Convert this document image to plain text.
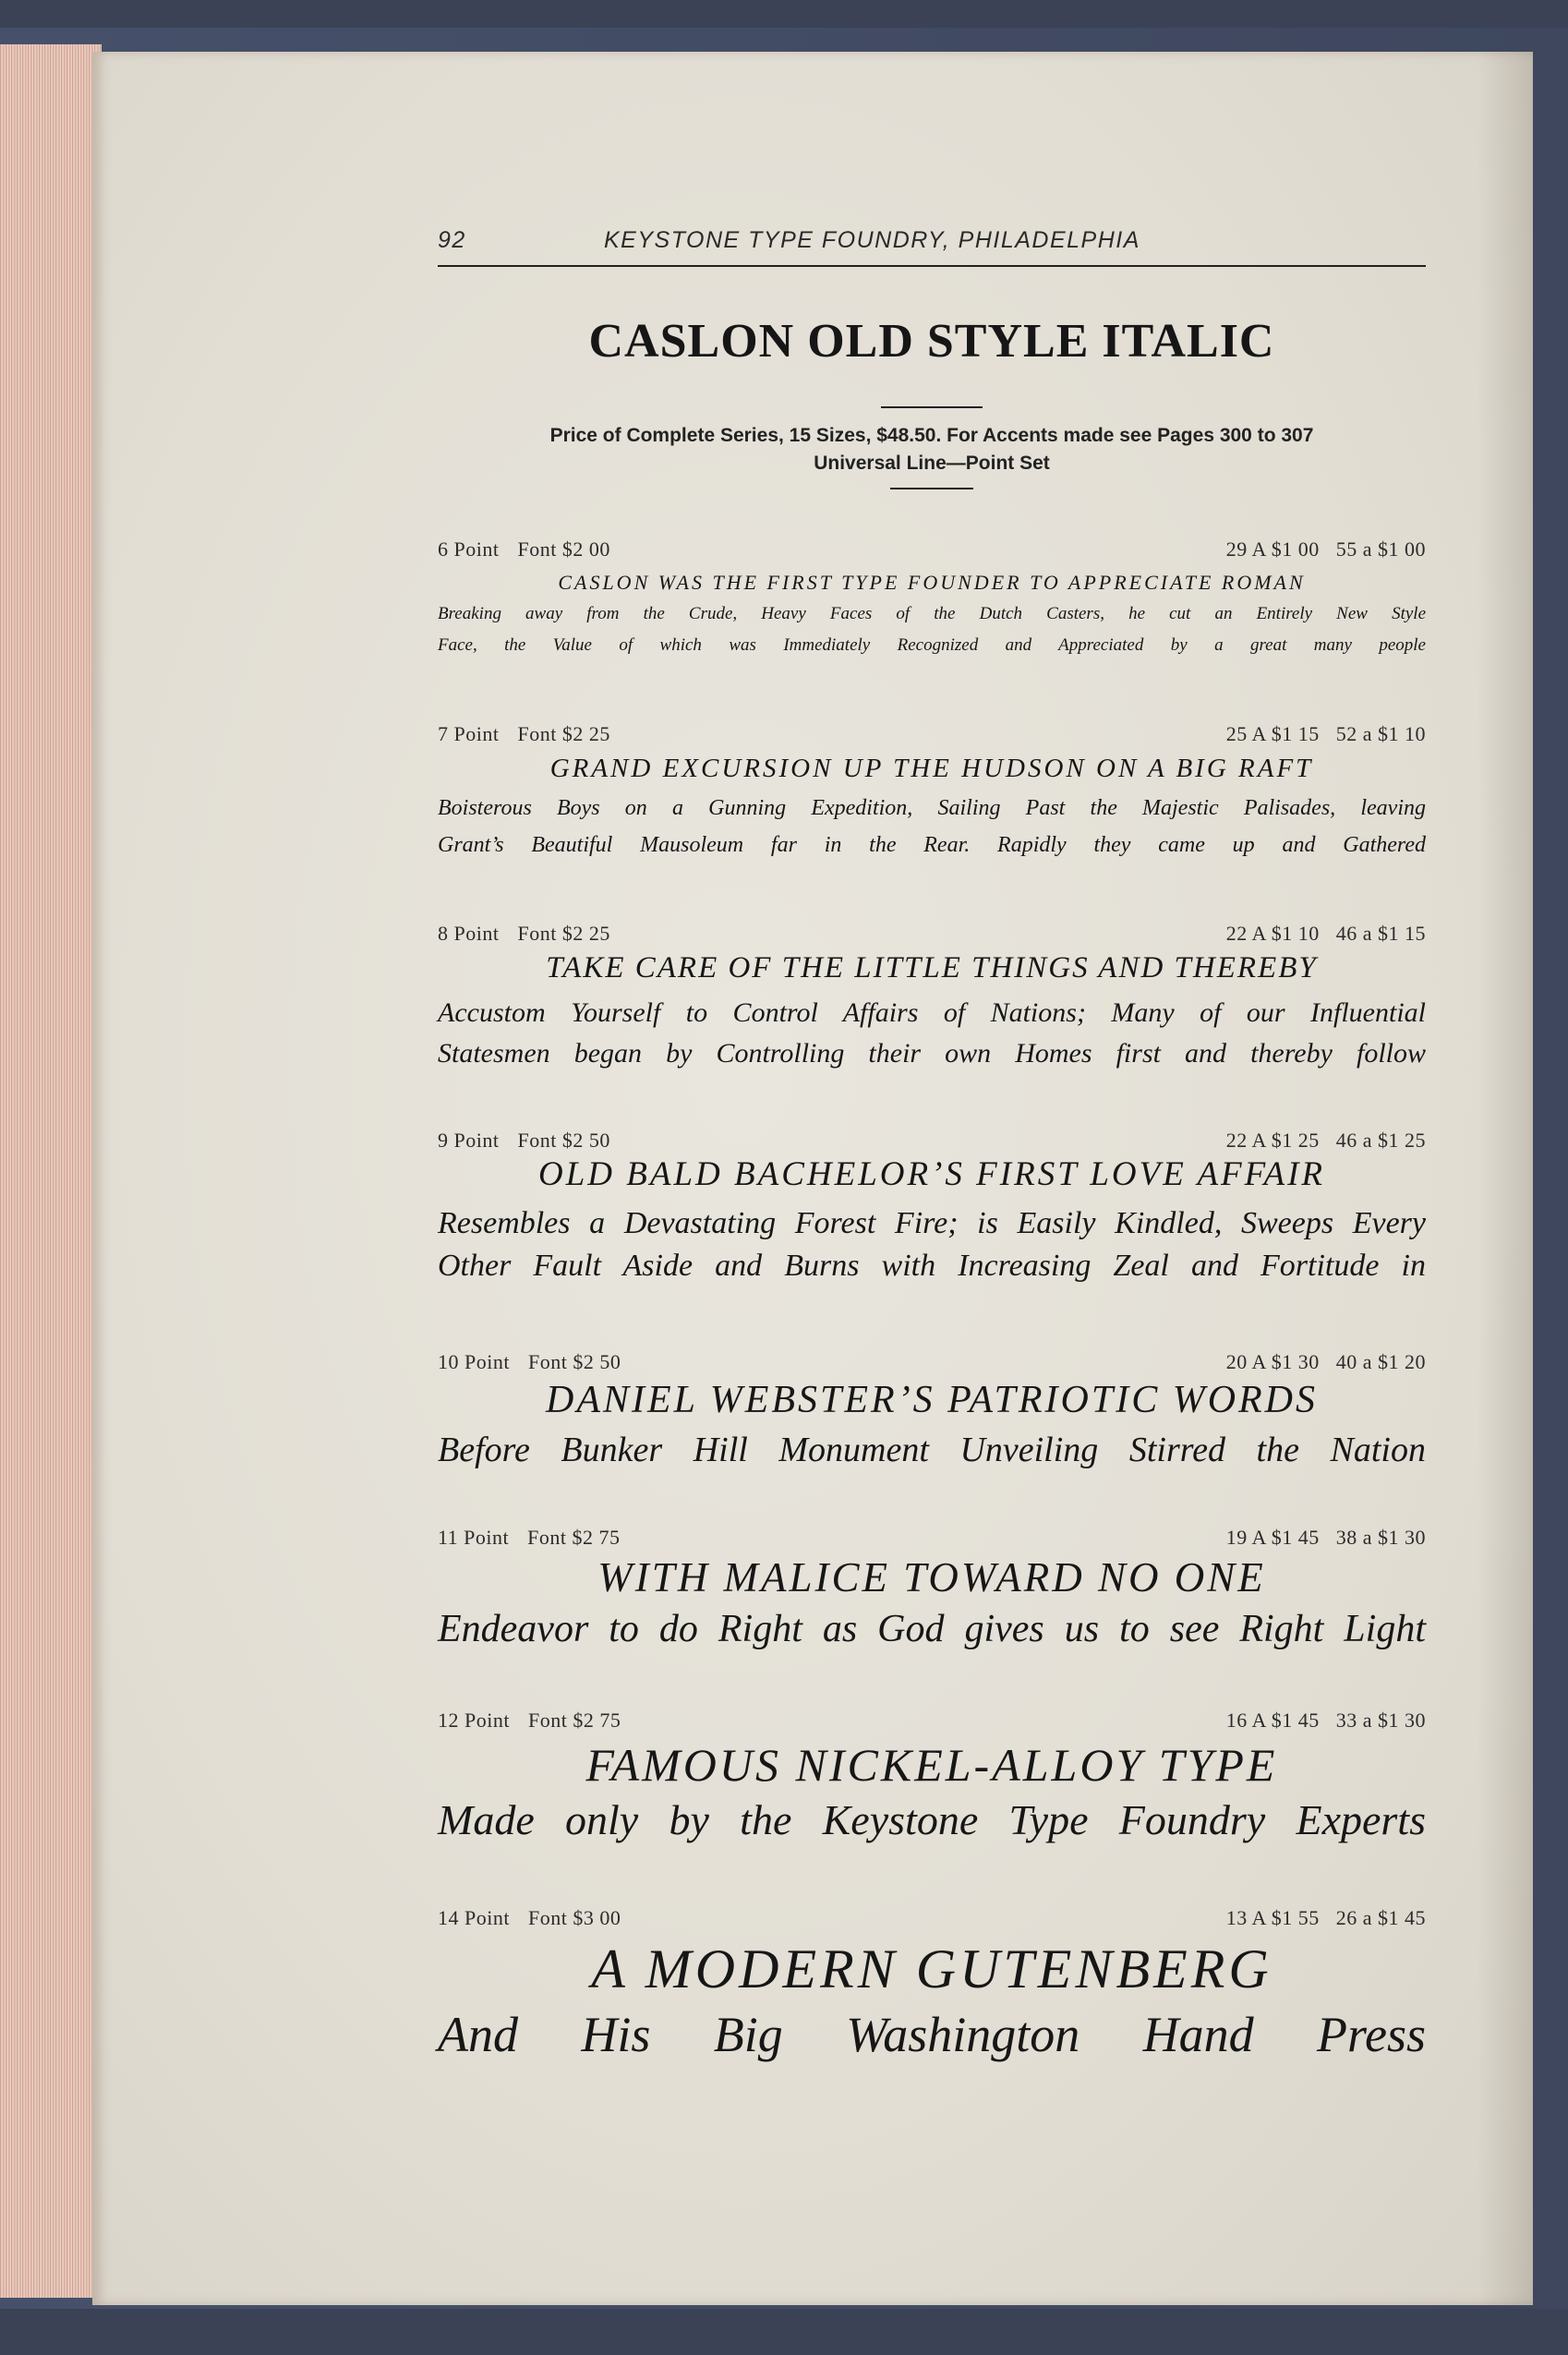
92	KEYSTONE TYPE FOUNDRY, PHILADELPHIA
CASLON OLD STYLE ITALIC
Price of Complete Series, 15 Sizes, $48.50. For Accents made see Pages 300 to 307
Universal Line—Point Set
6 Point Font $2 00	29 A $1 00 55 a $1 00
CASLON WAS THE FIRST TYPE FOUNDER TO APPRECIATE ROMAN
Breaking away from the Crude, Heavy Faces of the Dutch Casters, he cut an Entirely New Style
Face, the Value of which was Immediately Recognized and Appreciated by a great many people
7 Point Font $2 25	25 A $1 15 52 a $1 10
GRAND EXCURSION UP THE HUDSON ON A BIG RAFT
Boisterous Boys on a Gunning Expedition, Sailing Past the Majestic Palisades, leaving
Grant’s Beautiful Mausoleum far in the Rear. Rapidly they came up and Gathered
8 Point Font $2 25	22 A $1 10 46 a $1 15
TAKE CARE OF THE LITTLE THINGS AND THEREBY
Accustom Yourself to Control Affairs of Nations; Many of our Influential
Statesmen began by Controlling their own Homes first and thereby follow
9 Point Font $2 50	22 A $1 25 46 a $1 25
OLD BALD BACHELOR’S FIRST LOVE AFFAIR
Resembles a Devastating Forest Fire; is Easily Kindled, Sweeps Every
Other Fault Aside and Burns with Increasing Zeal and Fortitude in
10 Point Font $2 50	20 A $1 30 40 a $1 20
DANIEL WEBSTER’S PATRIOTIC WORDS
Before Bunker Hill Monument Unveiling Stirred the Nation
11 Point Font $2 75	19 A $1 45 38 a $1 30
WITH MALICE TOWARD NO ONE
Endeavor to do Right as God gives us to see Right Light
12 Point Font $2 75	16 A $1 45 33 a $1 30
FAMOUS NICKEL-ALLOY TYPE
Made only by the Keystone Type Foundry Experts
14 Point Font $3 00	13 A $1 55 26 a $1 45
A MODERN GUTENBERG
And His Big Washington Hand Press
